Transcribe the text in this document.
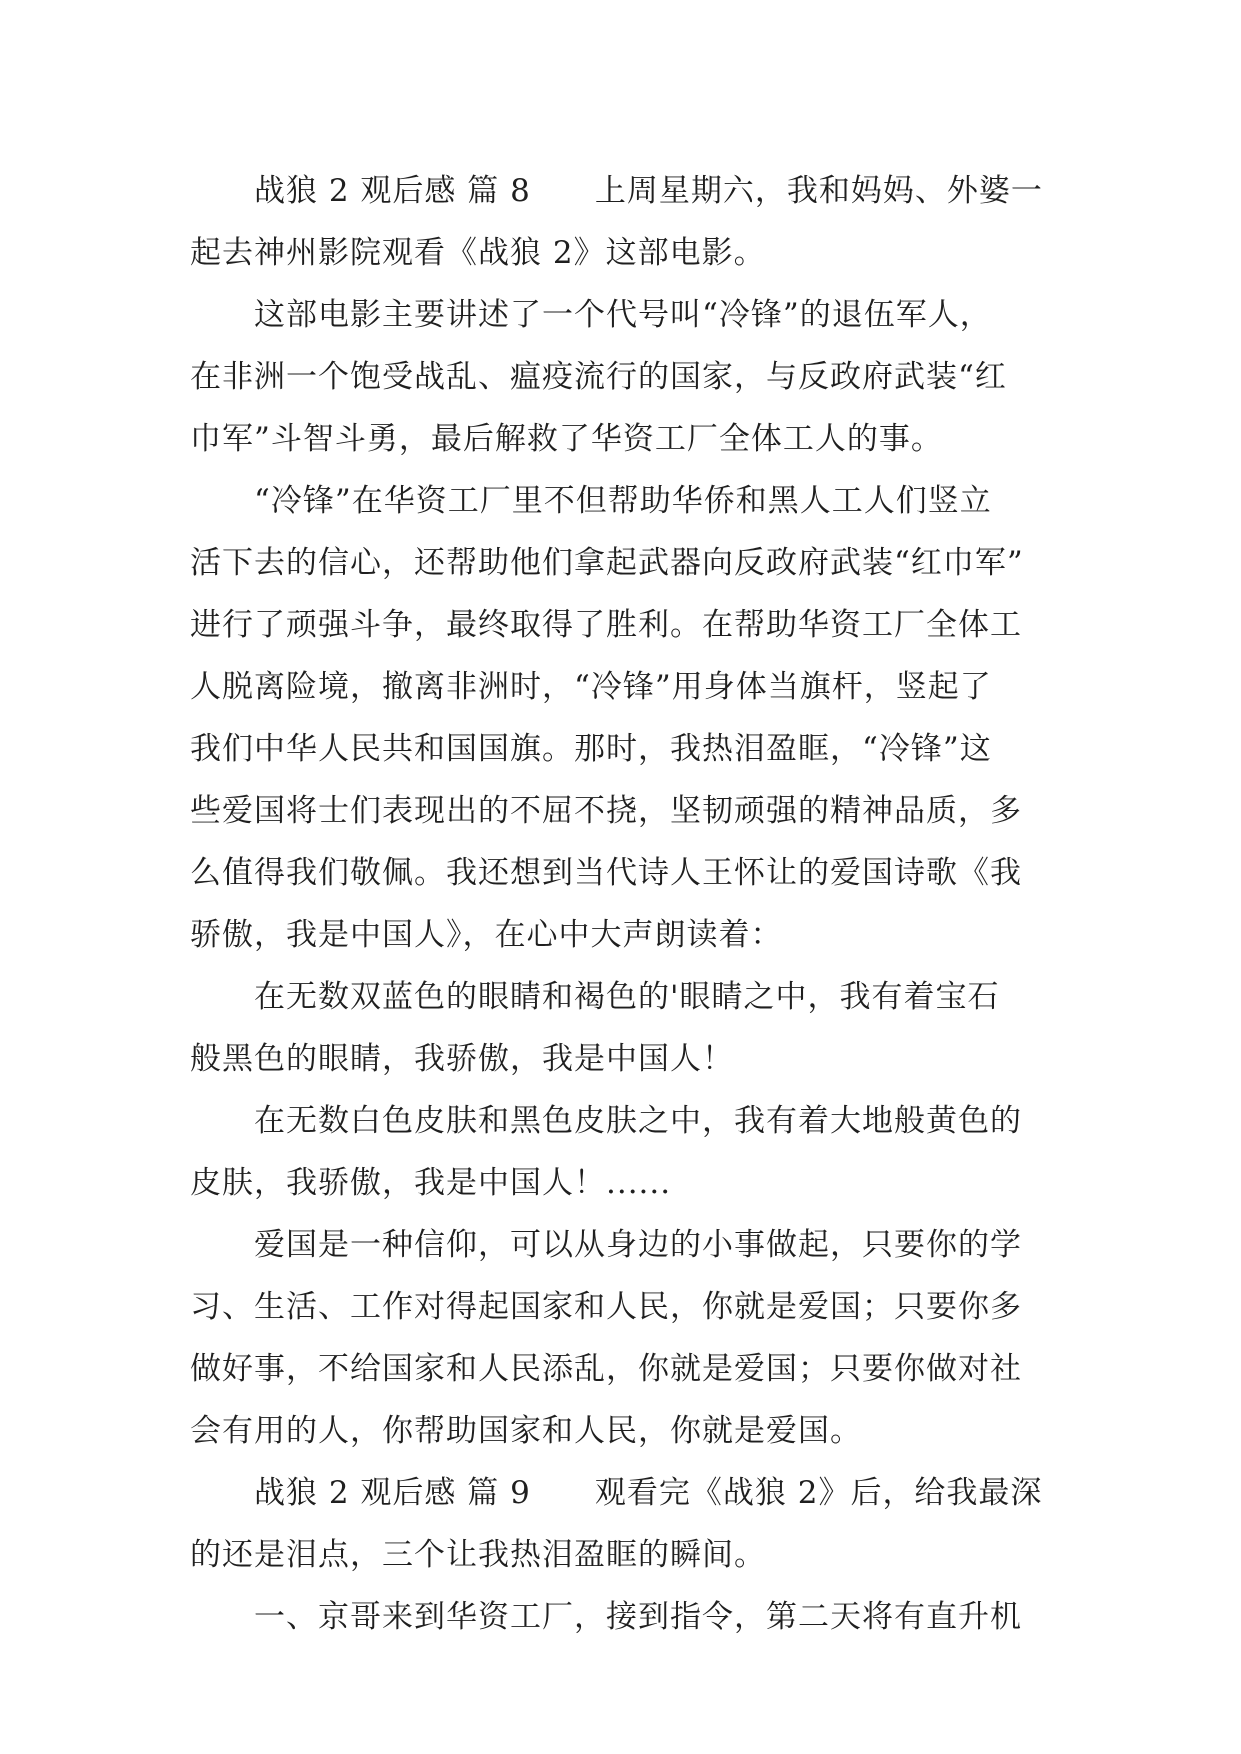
　　战狼 2 观后感 篇 8　　上周星期六，我和妈妈、外婆一
起去神州影院观看《战狼 2》这部电影。
　　这部电影主要讲述了一个代号叫“冷锋”的退伍军人，
在非洲一个饱受战乱、瘟疫流行的国家，与反政府武装“红
巾军”斗智斗勇，最后解救了华资工厂全体工人的事。
　　“冷锋”在华资工厂里不但帮助华侨和黑人工人们竖立
活下去的信心，还帮助他们拿起武器向反政府武装“红巾军”
进行了顽强斗争，最终取得了胜利。在帮助华资工厂全体工
人脱离险境，撤离非洲时，“冷锋”用身体当旗杆，竖起了
我们中华人民共和国国旗。那时，我热泪盈眶，“冷锋”这
些爱国将士们表现出的不屈不挠，坚韧顽强的精神品质，多
么值得我们敬佩。我还想到当代诗人王怀让的爱国诗歌《我
骄傲，我是中国人》，在心中大声朗读着：
　　在无数双蓝色的眼睛和褐色的'眼睛之中，我有着宝石
般黑色的眼睛，我骄傲，我是中国人！
　　在无数白色皮肤和黑色皮肤之中，我有着大地般黄色的
皮肤，我骄傲，我是中国人！......
　　爱国是一种信仰，可以从身边的小事做起，只要你的学
习、生活、工作对得起国家和人民，你就是爱国；只要你多
做好事，不给国家和人民添乱，你就是爱国；只要你做对社
会有用的人，你帮助国家和人民，你就是爱国。
　　战狼 2 观后感 篇 9　　观看完《战狼 2》后，给我最深
的还是泪点，三个让我热泪盈眶的瞬间。
　　一、京哥来到华资工厂，接到指令，第二天将有直升机
